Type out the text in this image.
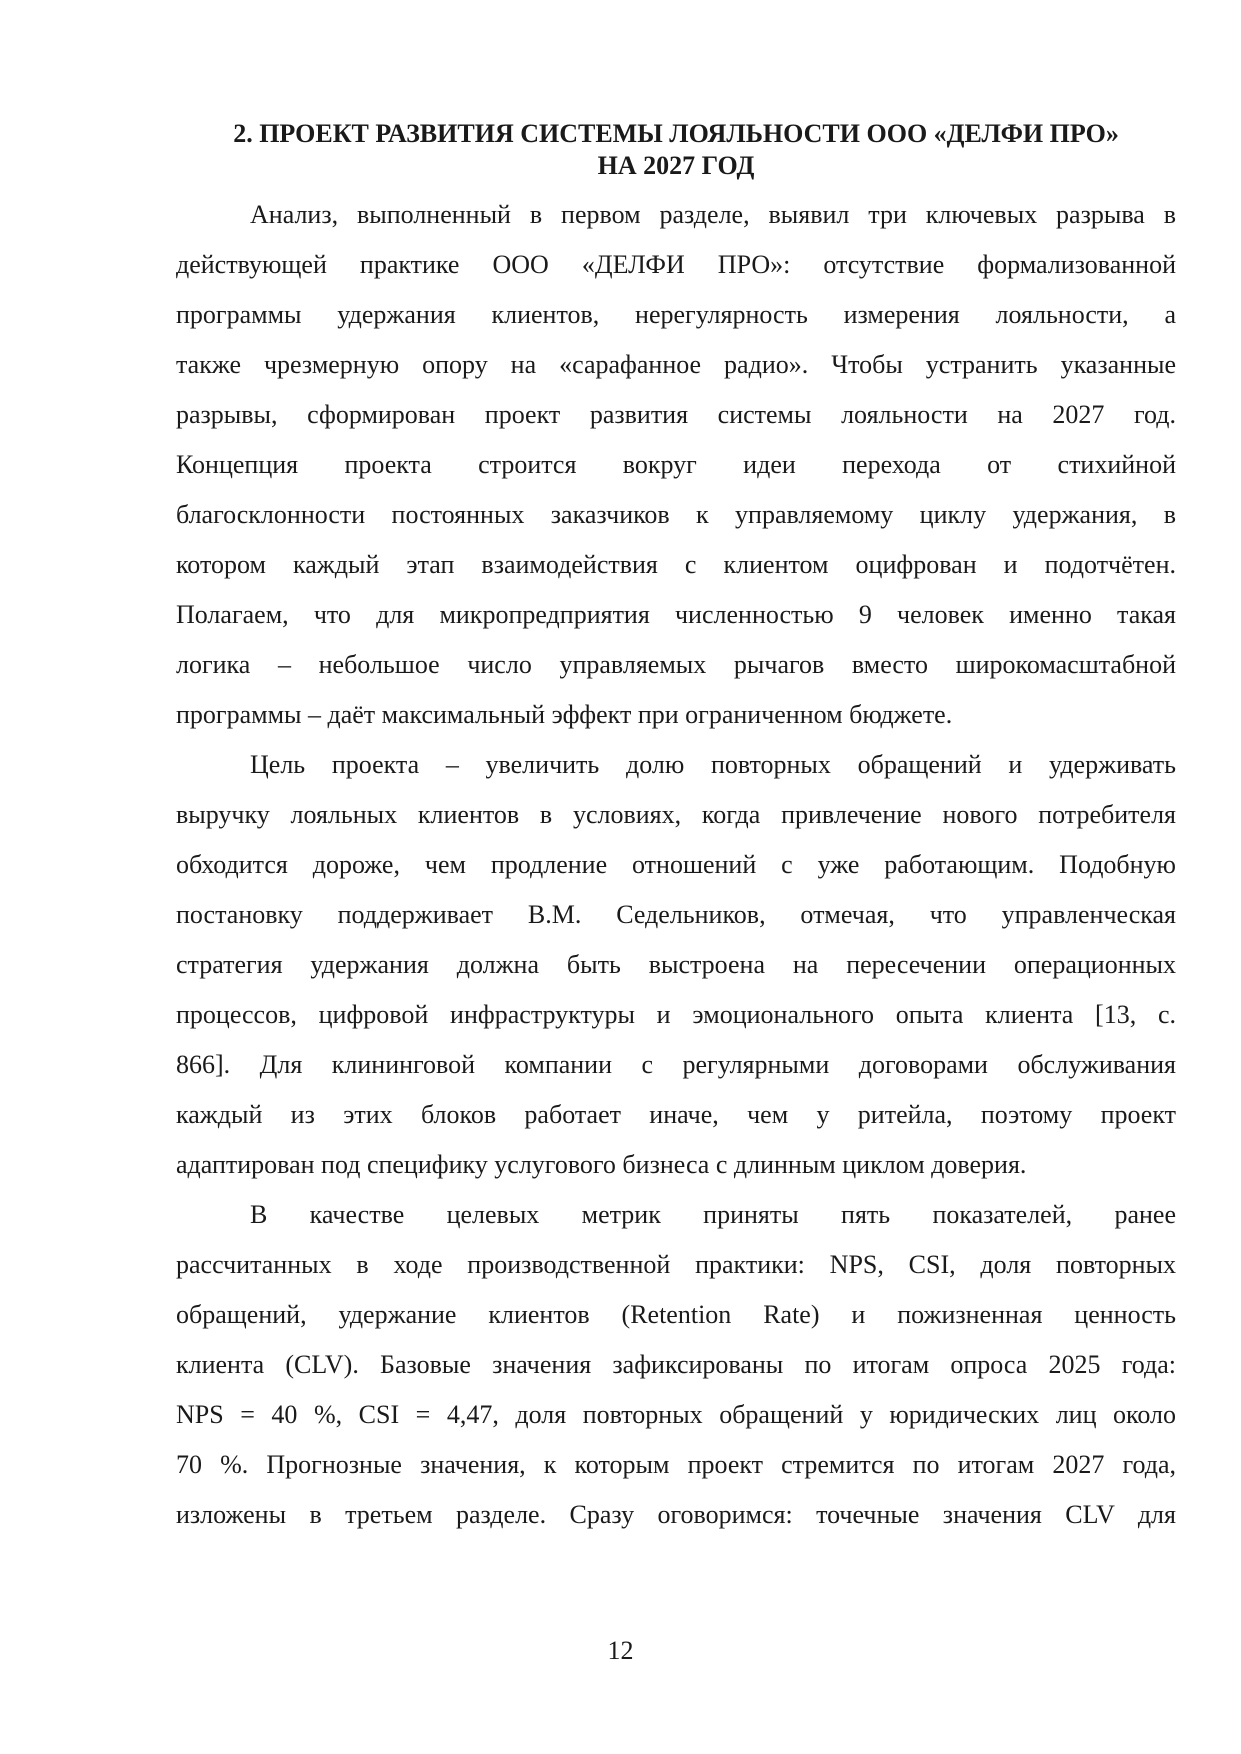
2. ПРОЕКТ РАЗВИТИЯ СИСТЕМЫ ЛОЯЛЬНОСТИ ООО «ДЕЛФИ ПРО»
НА 2027 ГОД
Анализ, выполненный в первом разделе, выявил три ключевых разрыва в
действующей практике ООО «ДЕЛФИ ПРО»: отсутствие формализованной
программы удержания клиентов, нерегулярность измерения лояльности, а
также чрезмерную опору на «сарафанное радио». Чтобы устранить указанные
разрывы, сформирован проект развития системы лояльности на 2027 год.
Концепция проекта строится вокруг идеи перехода от стихийной
благосклонности постоянных заказчиков к управляемому циклу удержания, в
котором каждый этап взаимодействия с клиентом оцифрован и подотчётен.
Полагаем, что для микропредприятия численностью 9 человек именно такая
логика – небольшое число управляемых рычагов вместо широкомасштабной
программы – даёт максимальный эффект при ограниченном бюджете.
Цель проекта – увеличить долю повторных обращений и удерживать
выручку лояльных клиентов в условиях, когда привлечение нового потребителя
обходится дороже, чем продление отношений с уже работающим. Подобную
постановку поддерживает В.М. Седельников, отмечая, что управленческая
стратегия удержания должна быть выстроена на пересечении операционных
процессов, цифровой инфраструктуры и эмоционального опыта клиента [13, с.
866]. Для клининговой компании с регулярными договорами обслуживания
каждый из этих блоков работает иначе, чем у ритейла, поэтому проект
адаптирован под специфику услугового бизнеса с длинным циклом доверия.
В качестве целевых метрик приняты пять показателей, ранее
рассчитанных в ходе производственной практики: NPS, CSI, доля повторных
обращений, удержание клиентов (Retention Rate) и пожизненная ценность
клиента (CLV). Базовые значения зафиксированы по итогам опроса 2025 года:
NPS = 40 %, CSI = 4,47, доля повторных обращений у юридических лиц около
70 %. Прогнозные значения, к которым проект стремится по итогам 2027 года,
изложены в третьем разделе. Сразу оговоримся: точечные значения CLV для
12
